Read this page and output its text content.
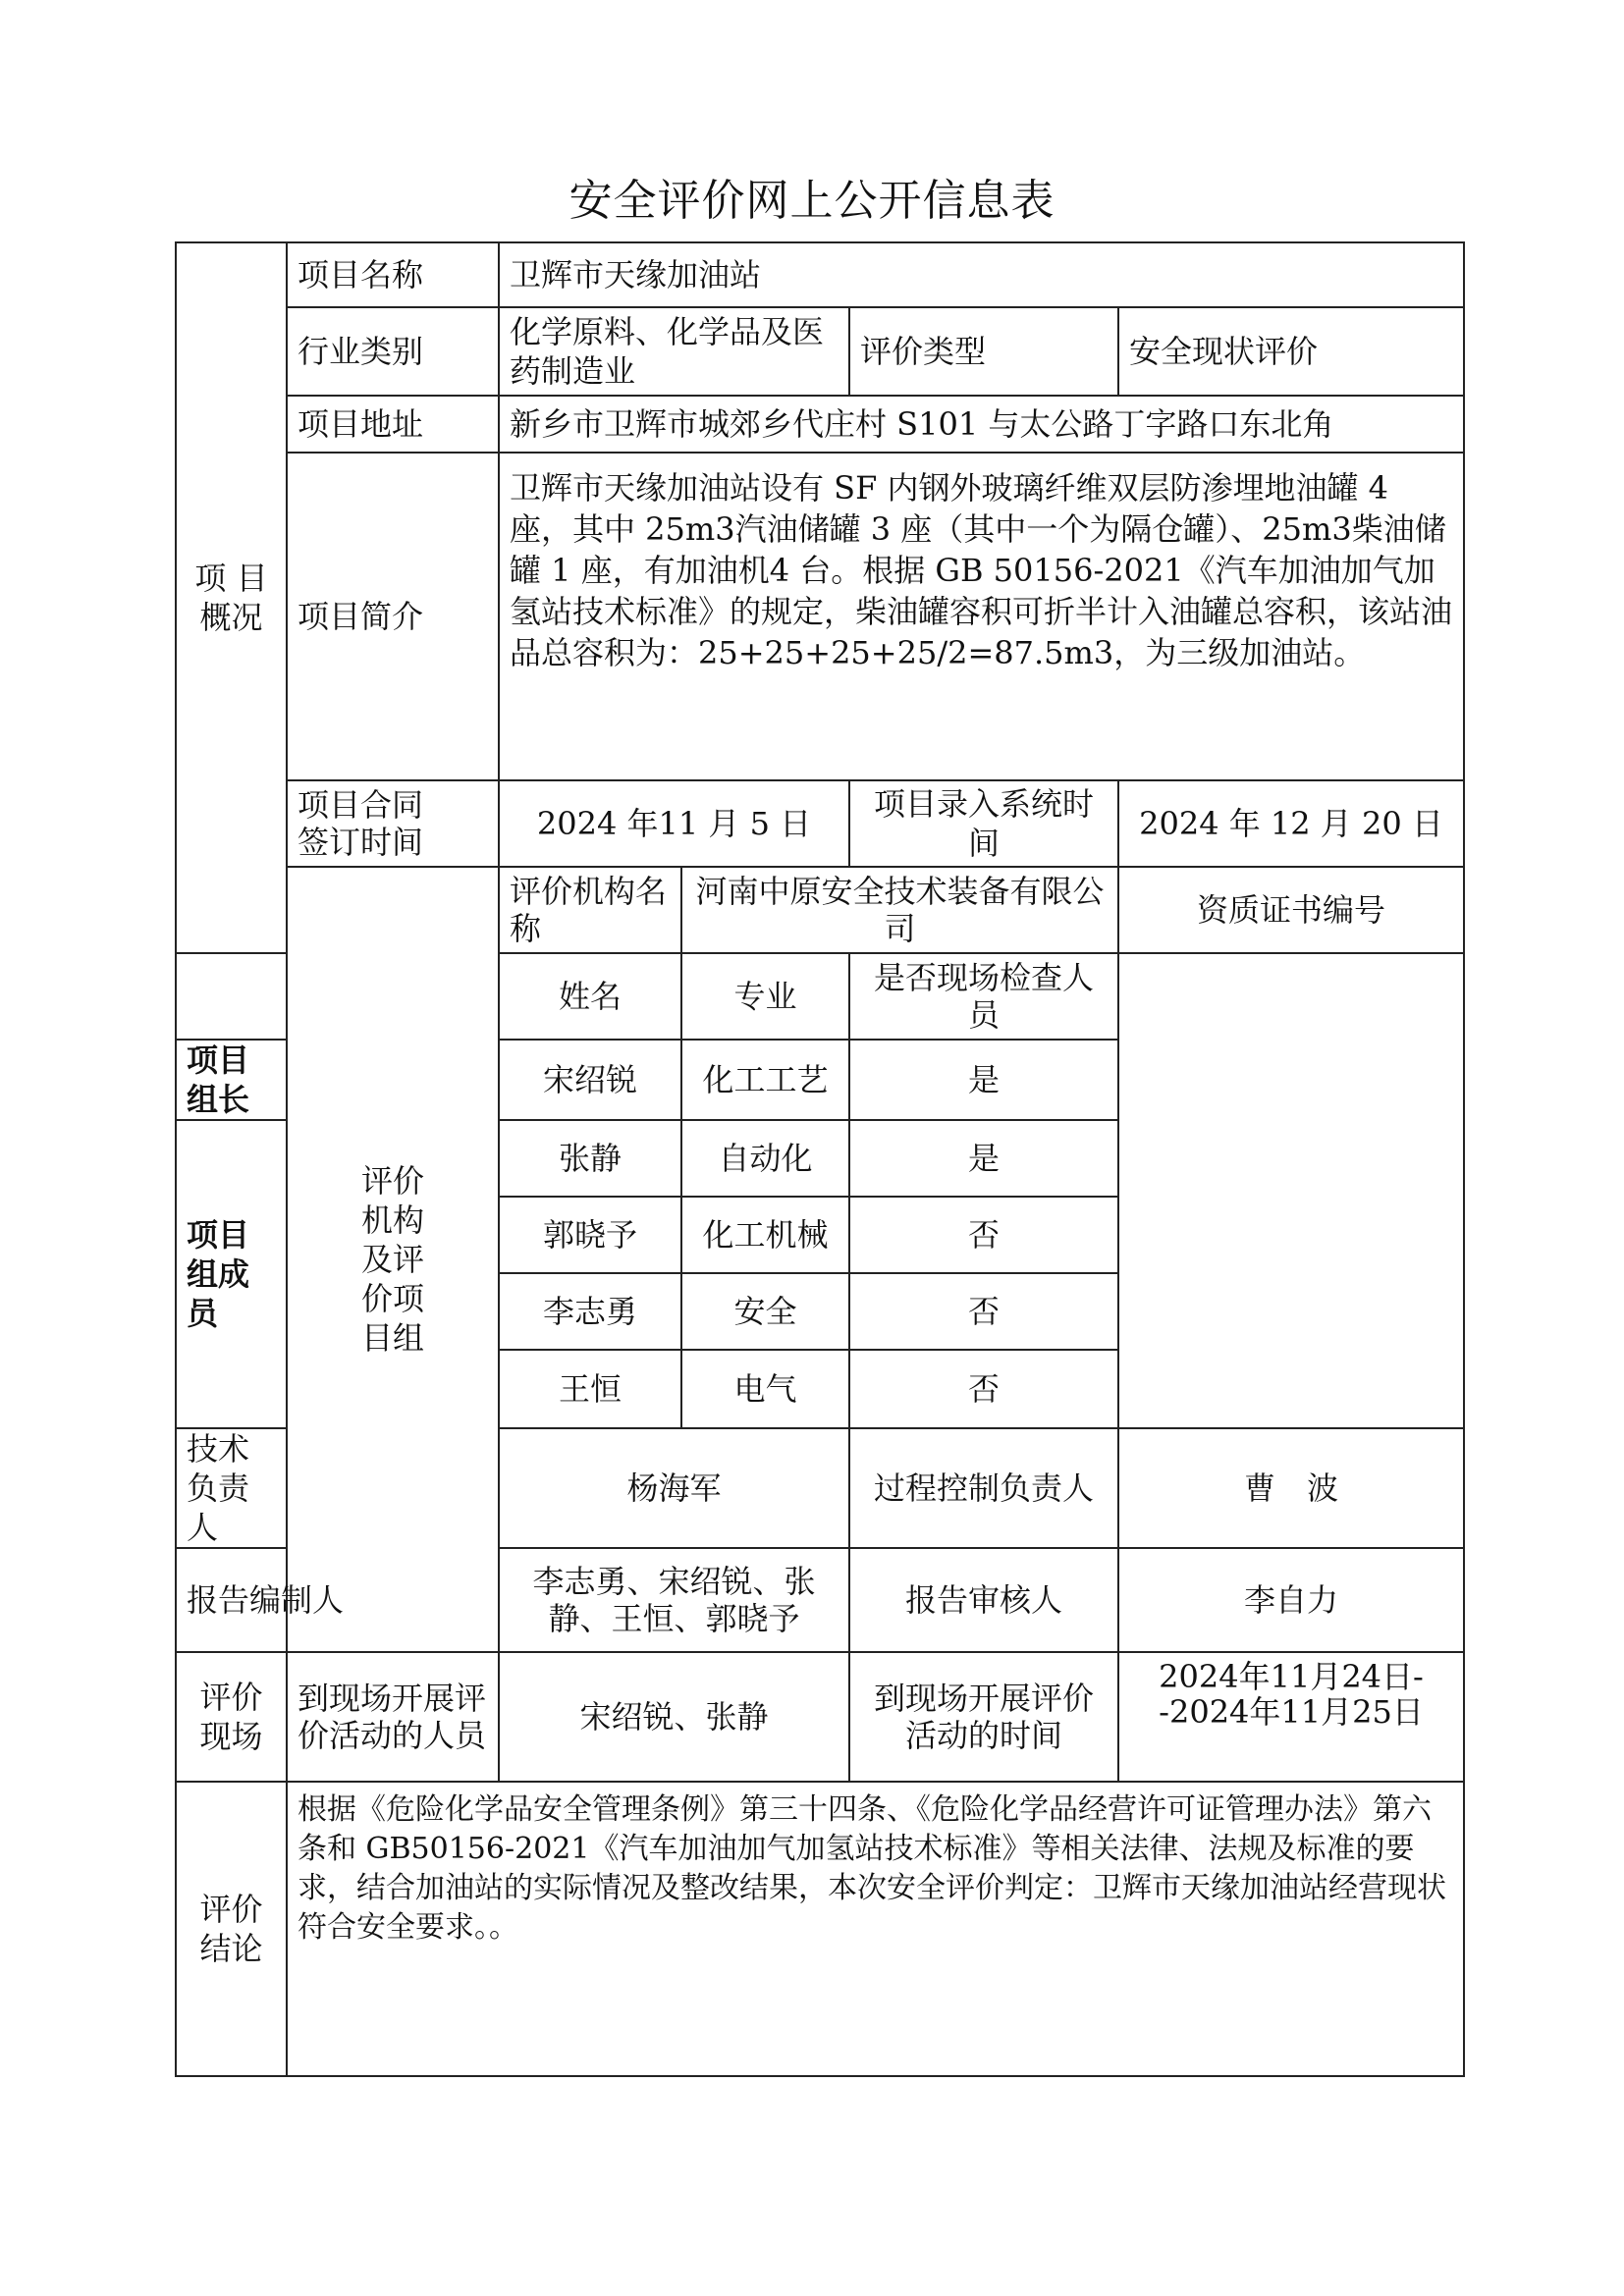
安全评价网上公开信息表
项 目
概况	项目名称	卫辉市天缘加油站				
	行业类别	化学原料、化学品及医药制造业		评价类型	安全现状评价	
	项目地址	新乡市卫辉市城郊乡代庄村 S101 与太公路丁字路口东北角				
	项目简介	卫辉市天缘加油站设有 SF 内钢外玻璃纤维双层防渗埋地油罐 4 座，其中 25m3汽油储罐 3 座（其中一个为隔仓罐）、25m3柴油储罐 1 座，有加油机4 台。根据 GB 50156-2021《汽车加油加气加氢站技术标准》的规定，柴油罐容积可折半计入油罐总容积，该站油品总容积为：25+25+25+25/2=87.5m3，为三级加油站。				
	项目合同
签订时间	2024 年11 月 5 日		项目录入系统时间	2024 年 12 月 20 日	
	评价
机构
及评
价项
目组	评价机构名称	河南中原安全技术装备有限公司		资质证书编号	
		姓名	专业	是否现场检查人员		
项目组长		宋绍锐	化工工艺	是		
项目组成员		张静	自动化	是		
		郭晓予	化工机械	否		
		李志勇	安全	否		
		王恒	电气	否		
技术负责人		杨海军		过程控制负责人	曹　波	
报告编制人		李志勇、宋绍锐、张静、王恒、郭晓予		报告审核人	李自力	
评价
现场	到现场开展评价活动的人员	宋绍锐、张静		到现场开展评价活动的时间	2024年11月24日--2024年11月25日	
评价
结论	根据《危险化学品安全管理条例》第三十四条、《危险化学品经营许可证管理办法》第六条和 GB50156-2021《汽车加油加气加氢站技术标准》等相关法律、法规及标准的要求，结合加油站的实际情况及整改结果，本次安全评价判定：卫辉市天缘加油站经营现状符合安全要求。。					
